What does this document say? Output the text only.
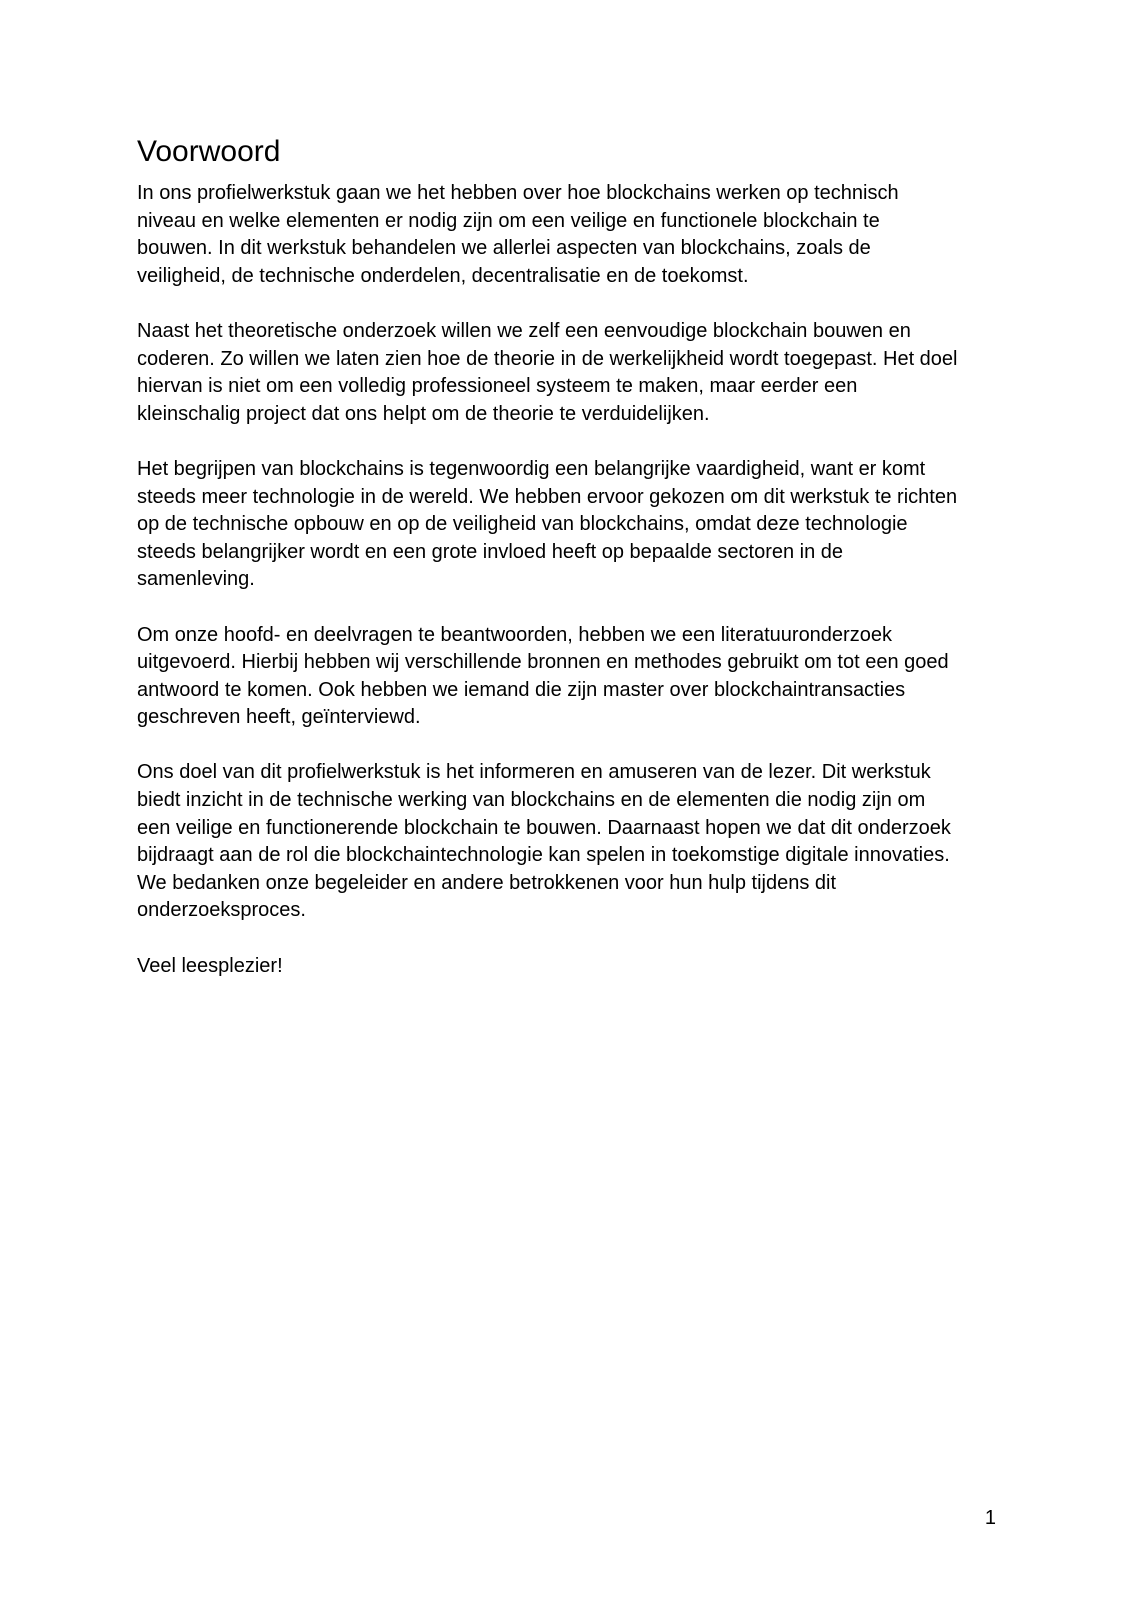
Voorwoord

In ons profielwerkstuk gaan we het hebben over hoe blockchains werken op technisch
niveau en welke elementen er nodig zijn om een veilige en functionele blockchain te
bouwen. In dit werkstuk behandelen we allerlei aspecten van blockchains, zoals de
veiligheid, de technische onderdelen, decentralisatie en de toekomst.

Naast het theoretische onderzoek willen we zelf een eenvoudige blockchain bouwen en
coderen. Zo willen we laten zien hoe de theorie in de werkelijkheid wordt toegepast. Het doel
hiervan is niet om een volledig professioneel systeem te maken, maar eerder een
kleinschalig project dat ons helpt om de theorie te verduidelijken.

Het begrijpen van blockchains is tegenwoordig een belangrijke vaardigheid, want er komt
steeds meer technologie in de wereld. We hebben ervoor gekozen om dit werkstuk te richten
op de technische opbouw en op de veiligheid van blockchains, omdat deze technologie
steeds belangrijker wordt en een grote invloed heeft op bepaalde sectoren in de
samenleving.

Om onze hoofd- en deelvragen te beantwoorden, hebben we een literatuuronderzoek
uitgevoerd. Hierbij hebben wij verschillende bronnen en methodes gebruikt om tot een goed
antwoord te komen. Ook hebben we iemand die zijn master over blockchaintransacties
geschreven heeft, geïnterviewd.

Ons doel van dit profielwerkstuk is het informeren en amuseren van de lezer. Dit werkstuk
biedt inzicht in de technische werking van blockchains en de elementen die nodig zijn om
een veilige en functionerende blockchain te bouwen. Daarnaast hopen we dat dit onderzoek
bijdraagt aan de rol die blockchaintechnologie kan spelen in toekomstige digitale innovaties.
We bedanken onze begeleider en andere betrokkenen voor hun hulp tijdens dit
onderzoeksproces.

Veel leesplezier!

1
